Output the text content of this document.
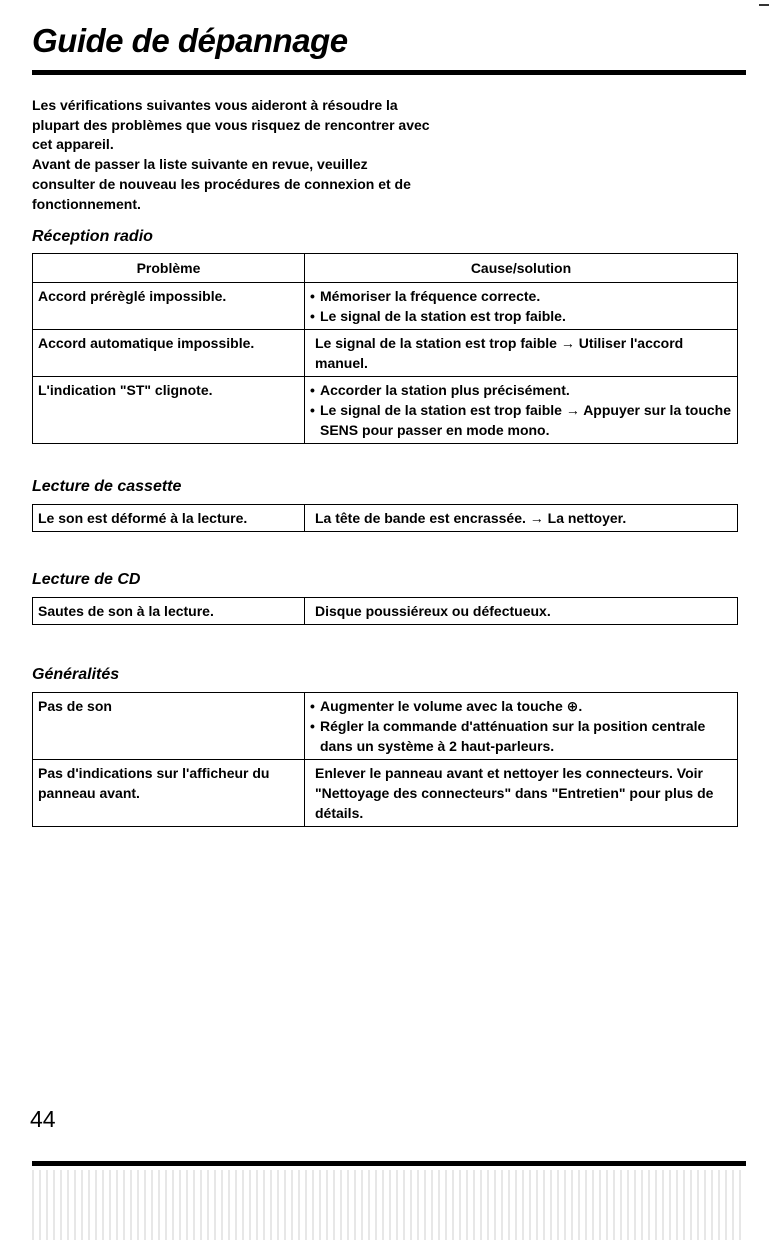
Guide de dépannage

Les vérifications suivantes vous aideront à résoudre la plupart des problèmes que vous risquez de rencontrer avec cet appareil.

Avant de passer la liste suivante en revue, veuillez consulter de nouveau les procédures de connexion et de fonctionnement.

Réception radio
Problème	Cause/solution
Accord prérèglé impossible.	• Mémoriser la fréquence correcte.
• Le signal de la station est trop faible.

Accord automatique impossible.	Le signal de la station est trop faible → Utiliser l'accord manuel.

L'indication "ST" clignote.	• Accorder la station plus précisément.
• Le signal de la station est trop faible → Appuyer sur la touche SENS pour passer en mode mono.
Lecture de cassette
Le son est déformé à la lecture.	La tête de bande est encrassée. → La nettoyer.
Lecture de CD
Sautes de son à la lecture.	Disque poussiéreux ou défectueux.
Généralités
Pas de son	• Augmenter le volume avec la touche ⊕.
• Régler la commande d'atténuation sur la position centrale dans un système à 2 haut-parleurs.

Pas d'indications sur l'afficheur du panneau avant.	Enlever le panneau avant et nettoyer les connecteurs. Voir "Nettoyage des connecteurs" dans "Entretien" pour plus de détails.
44
